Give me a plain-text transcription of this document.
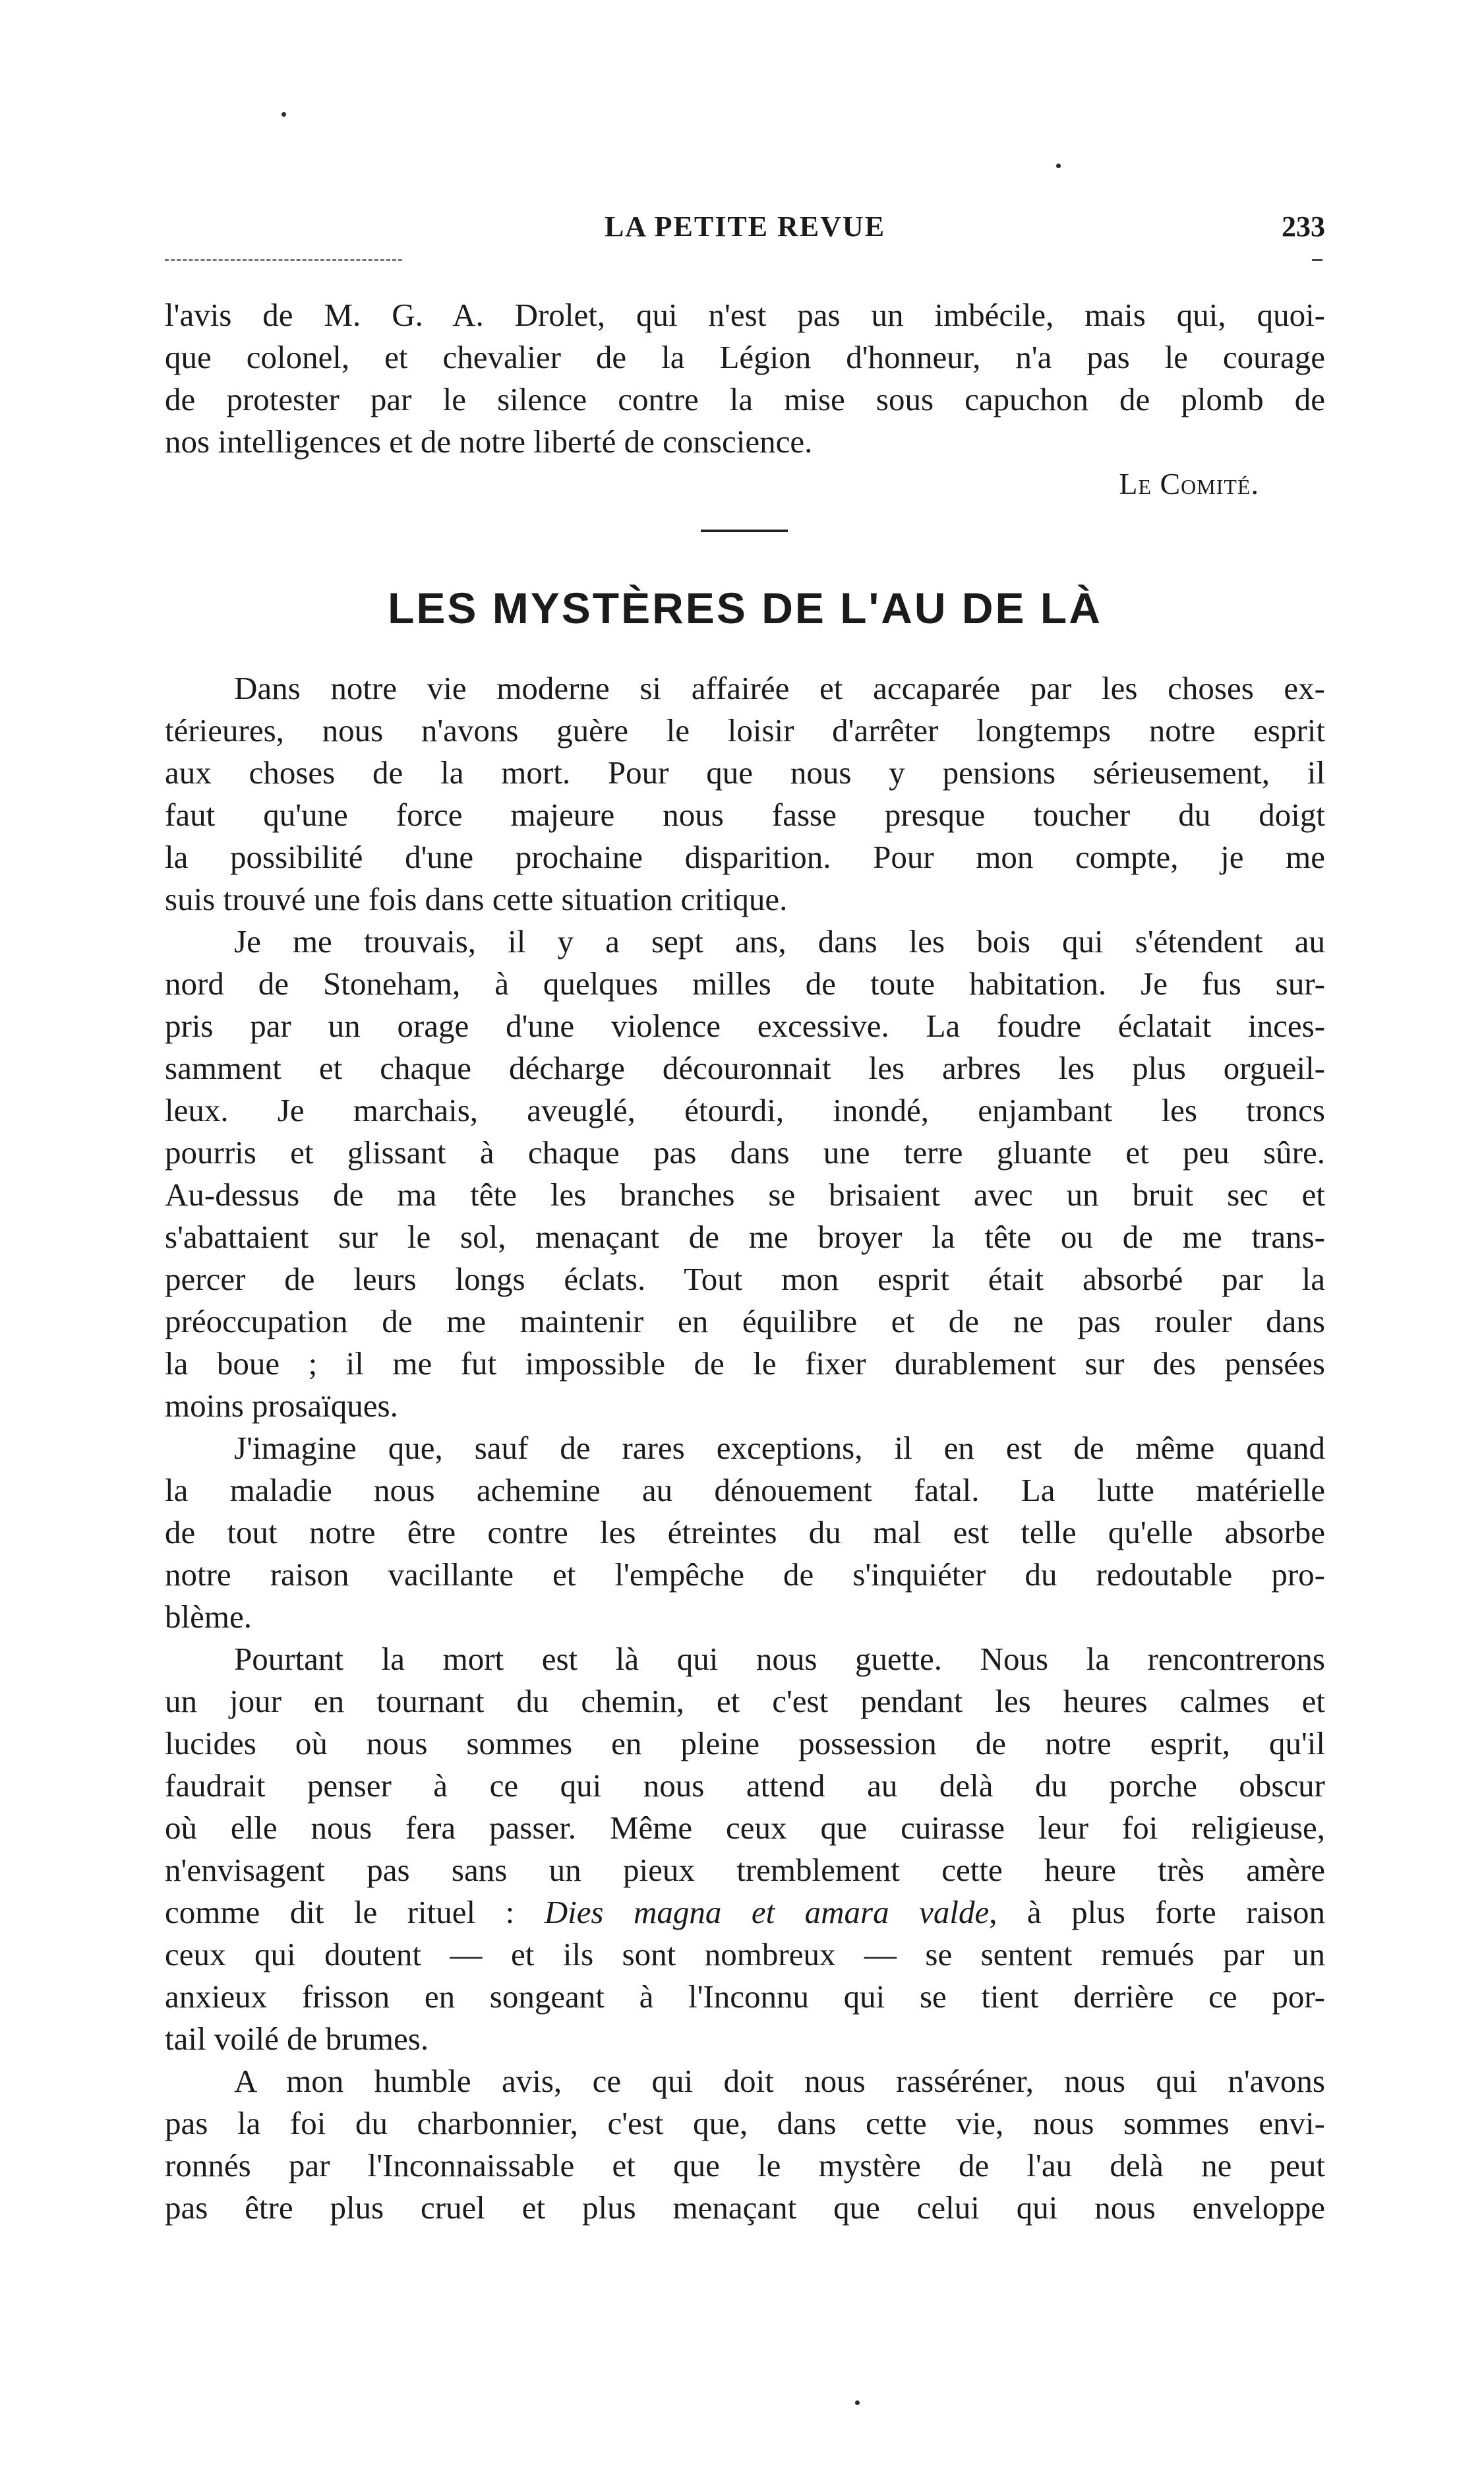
LA PETITE REVUE	233
l'avis de M. G. A. Drolet, qui n'est pas un imbécile, mais qui, quoi-
que colonel, et chevalier de la Légion d'honneur, n'a pas le courage
de protester par le silence contre la mise sous capuchon de plomb de
nos intelligences et de notre liberté de conscience.
Le Comité.
LES MYSTÈRES DE L'AU DE LÀ
Dans notre vie moderne si affairée et accaparée par les choses ex-
térieures, nous n'avons guère le loisir d'arrêter longtemps notre esprit
aux choses de la mort. Pour que nous y pensions sérieusement, il
faut qu'une force majeure nous fasse presque toucher du doigt
la possibilité d'une prochaine disparition. Pour mon compte, je me
suis trouvé une fois dans cette situation critique.
Je me trouvais, il y a sept ans, dans les bois qui s'étendent au
nord de Stoneham, à quelques milles de toute habitation. Je fus sur-
pris par un orage d'une violence excessive. La foudre éclatait inces-
samment et chaque décharge découronnait les arbres les plus orgueil-
leux. Je marchais, aveuglé, étourdi, inondé, enjambant les troncs
pourris et glissant à chaque pas dans une terre gluante et peu sûre.
Au-dessus de ma tête les branches se brisaient avec un bruit sec et
s'abattaient sur le sol, menaçant de me broyer la tête ou de me trans-
percer de leurs longs éclats. Tout mon esprit était absorbé par la
préoccupation de me maintenir en équilibre et de ne pas rouler dans
la boue ; il me fut impossible de le fixer durablement sur des pensées
moins prosaïques.
J'imagine que, sauf de rares exceptions, il en est de même quand
la maladie nous achemine au dénouement fatal. La lutte matérielle
de tout notre être contre les étreintes du mal est telle qu'elle absorbe
notre raison vacillante et l'empêche de s'inquiéter du redoutable pro-
blème.
Pourtant la mort est là qui nous guette. Nous la rencontrerons
un jour en tournant du chemin, et c'est pendant les heures calmes et
lucides où nous sommes en pleine possession de notre esprit, qu'il
faudrait penser à ce qui nous attend au delà du porche obscur
où elle nous fera passer. Même ceux que cuirasse leur foi religieuse,
n'envisagent pas sans un pieux tremblement cette heure très amère
comme dit le rituel : Dies magna et amara valde, à plus forte raison
ceux qui doutent — et ils sont nombreux — se sentent remués par un
anxieux frisson en songeant à l'Inconnu qui se tient derrière ce por-
tail voilé de brumes.
A mon humble avis, ce qui doit nous rasséréner, nous qui n'avons
pas la foi du charbonnier, c'est que, dans cette vie, nous sommes envi-
ronnés par l'Inconnaissable et que le mystère de l'au delà ne peut
pas être plus cruel et plus menaçant que celui qui nous enveloppe
